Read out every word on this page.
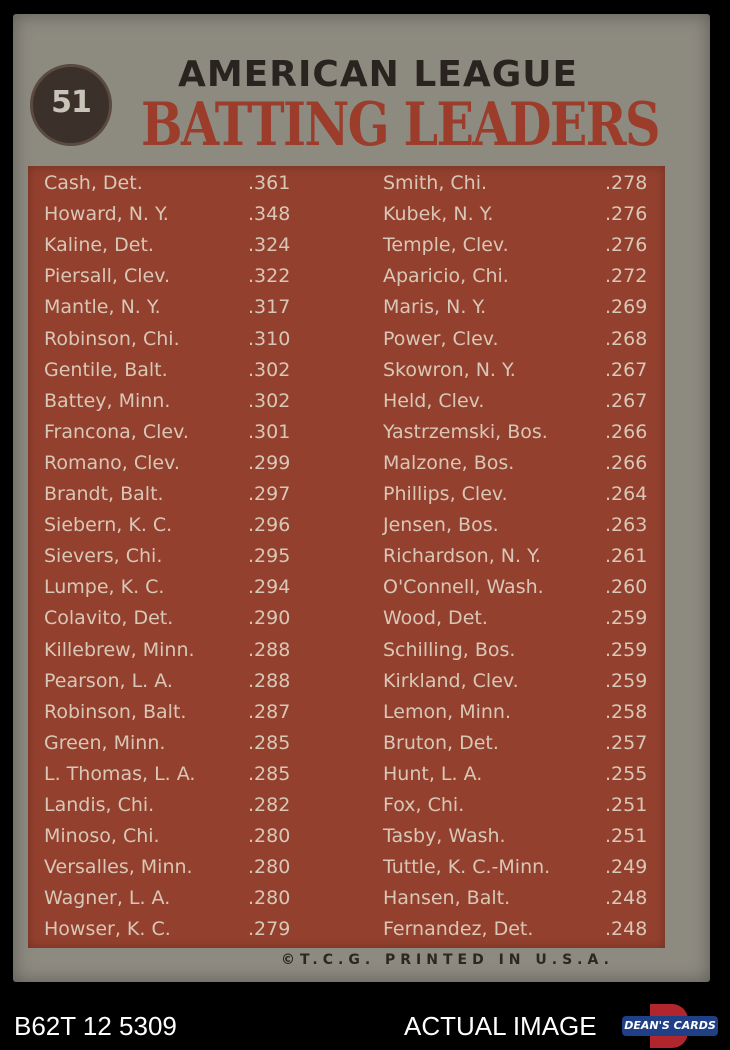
51
AMERICAN LEAGUE
BATTING LEADERS
Cash, Det.	.361	Smith, Chi.	.278
Howard, N. Y.	.348	Kubek, N. Y.	.276
Kaline, Det.	.324	Temple, Clev.	.276
Piersall, Clev.	.322	Aparicio, Chi.	.272
Mantle, N. Y.	.317	Maris, N. Y.	.269
Robinson, Chi.	.310	Power, Clev.	.268
Gentile, Balt.	.302	Skowron, N. Y.	.267
Battey, Minn.	.302	Held, Clev.	.267
Francona, Clev.	.301	Yastrzemski, Bos.	.266
Romano, Clev.	.299	Malzone, Bos.	.266
Brandt, Balt.	.297	Phillips, Clev.	.264
Siebern, K. C.	.296	Jensen, Bos.	.263
Sievers, Chi.	.295	Richardson, N. Y.	.261
Lumpe, K. C.	.294	O'Connell, Wash.	.260
Colavito, Det.	.290	Wood, Det.	.259
Killebrew, Minn.	.288	Schilling, Bos.	.259
Pearson, L. A.	.288	Kirkland, Clev.	.259
Robinson, Balt.	.287	Lemon, Minn.	.258
Green, Minn.	.285	Bruton, Det.	.257
L. Thomas, L. A.	.285	Hunt, L. A.	.255
Landis, Chi.	.282	Fox, Chi.	.251
Minoso, Chi.	.280	Tasby, Wash.	.251
Versalles, Minn.	.280	Tuttle, K. C.-Minn.	.249
Wagner, L. A.	.280	Hansen, Balt.	.248
Howser, K. C.	.279	Fernandez, Det.	.248
©T.C.G. PRINTED IN U.S.A.
B62T 12 5309	ACTUAL IMAGE	DEAN'S CARDS
